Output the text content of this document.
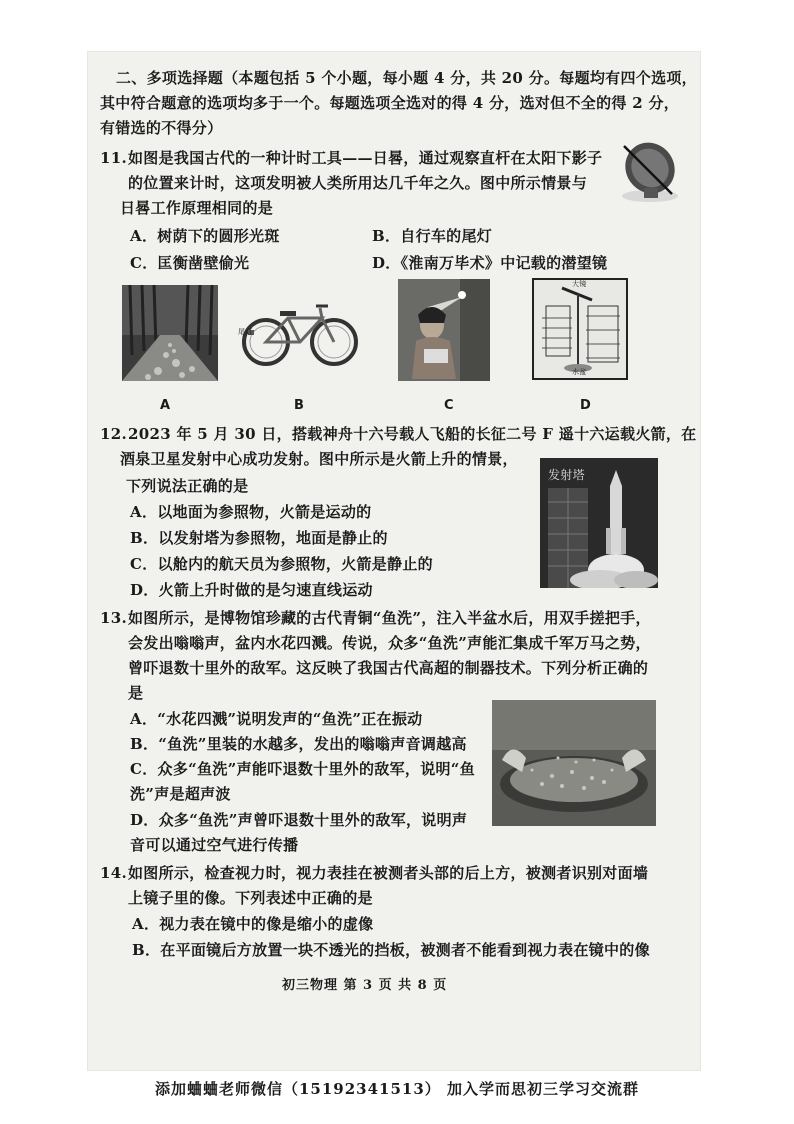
二、多项选择题（本题包括 5 个小题，每小题 4 分，共 20 分。每题均有四个选项，
其中符合题意的选项均多于一个。每题选项全选对的得 4 分，选对但不全的得 2 分，
有错选的不得分）
11. 如图是我国古代的一种计时工具——日晷，通过观察直杆在太阳下影子
的位置来计时，这项发明被人类所用达几千年之久。图中所示情景与
日晷工作原理相同的是
A．树荫下的圆形光斑	B．自行车的尾灯
C．匡衡凿壁偷光	D．《淮南万毕术》中记载的潜望镜
A
尾灯
B	C
大镜
水盆
D
12. 2023 年 5 月 30 日，搭载神舟十六号载人飞船的长征二号 F 遥十六运载火箭，在
酒泉卫星发射中心成功发射。图中所示是火箭上升的情景，
下列说法正确的是
A．以地面为参照物，火箭是运动的
B．以发射塔为参照物，地面是静止的
C．以舱内的航天员为参照物，火箭是静止的
D．火箭上升时做的是匀速直线运动
发射塔
13. 如图所示，是博物馆珍藏的古代青铜“鱼洗”，注入半盆水后，用双手搓把手，
会发出嗡嗡声，盆内水花四溅。传说，众多“鱼洗”声能汇集成千军万马之势，
曾吓退数十里外的敌军。这反映了我国古代高超的制器技术。下列分析正确的
是
A．“水花四溅”说明发声的“鱼洗”正在振动
B．“鱼洗”里装的水越多，发出的嗡嗡声音调越高
C．众多“鱼洗”声能吓退数十里外的敌军，说明“鱼
洗”声是超声波
D．众多“鱼洗”声曾吓退数十里外的敌军，说明声
音可以通过空气进行传播
14. 如图所示，检查视力时，视力表挂在被测者头部的后上方，被测者识别对面墙
上镜子里的像。下列表述中正确的是
A．视力表在镜中的像是缩小的虚像
B．在平面镜后方放置一块不透光的挡板，被测者不能看到视力表在镜中的像
初三物理 第 3 页 共 8 页
添加蛐蛐老师微信（15192341513） 加入学而思初三学习交流群
